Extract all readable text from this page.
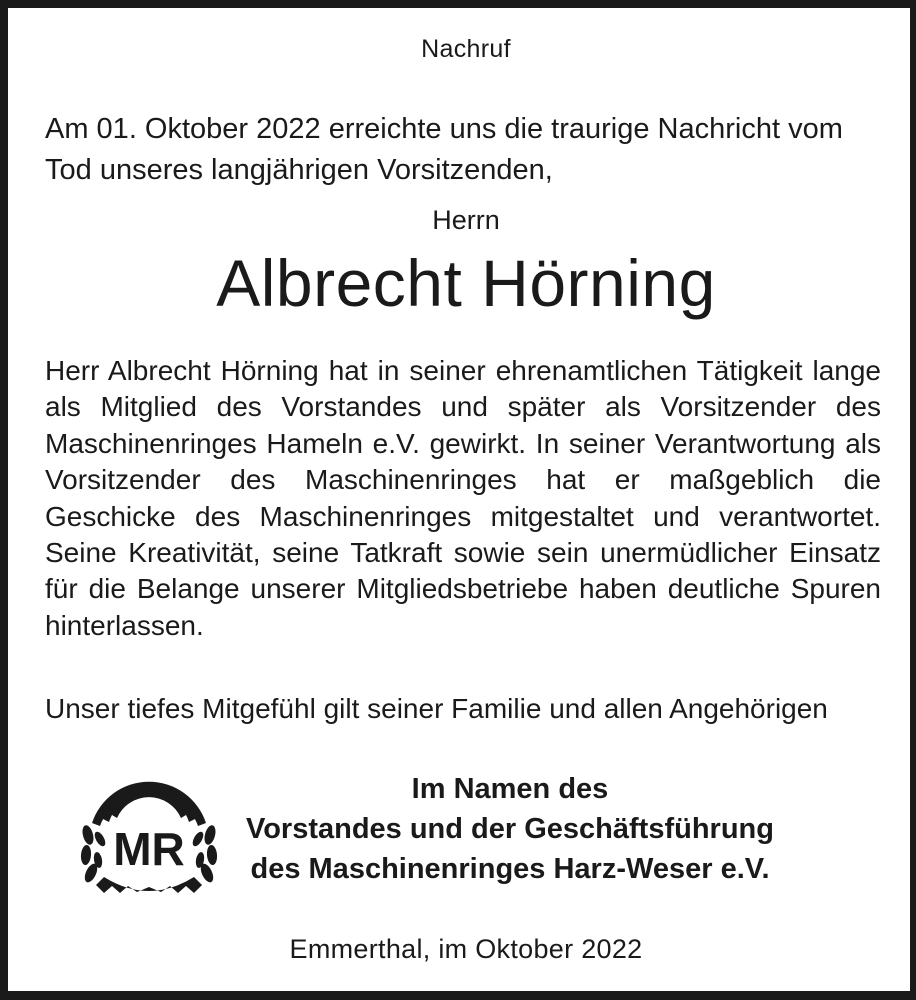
Nachruf
Am 01. Oktober 2022 erreichte uns die traurige Nachricht vom Tod unseres langjährigen Vorsitzenden,
Herrn
Albrecht Hörning
Herr Albrecht Hörning hat in seiner ehrenamtlichen Tätigkeit lange als Mitglied des Vorstandes und später als Vorsitzender des Maschinenringes Hameln e.V. gewirkt. In seiner Verantwortung als Vorsitzender des Maschinenringes hat er maßgeblich die Geschicke des Maschinenringes mitgestaltet und verantwortet. Seine Kreativität, seine Tatkraft sowie sein unermüdlicher Einsatz für die Belange unserer Mitgliedsbetriebe haben deutliche Spuren hinterlassen.
Unser tiefes Mitgefühl gilt seiner Familie und allen Angehörigen
MR
Im Namen des
Vorstandes und der Geschäftsführung
des Maschinenringes Harz-Weser e.V.
Emmerthal, im Oktober 2022
